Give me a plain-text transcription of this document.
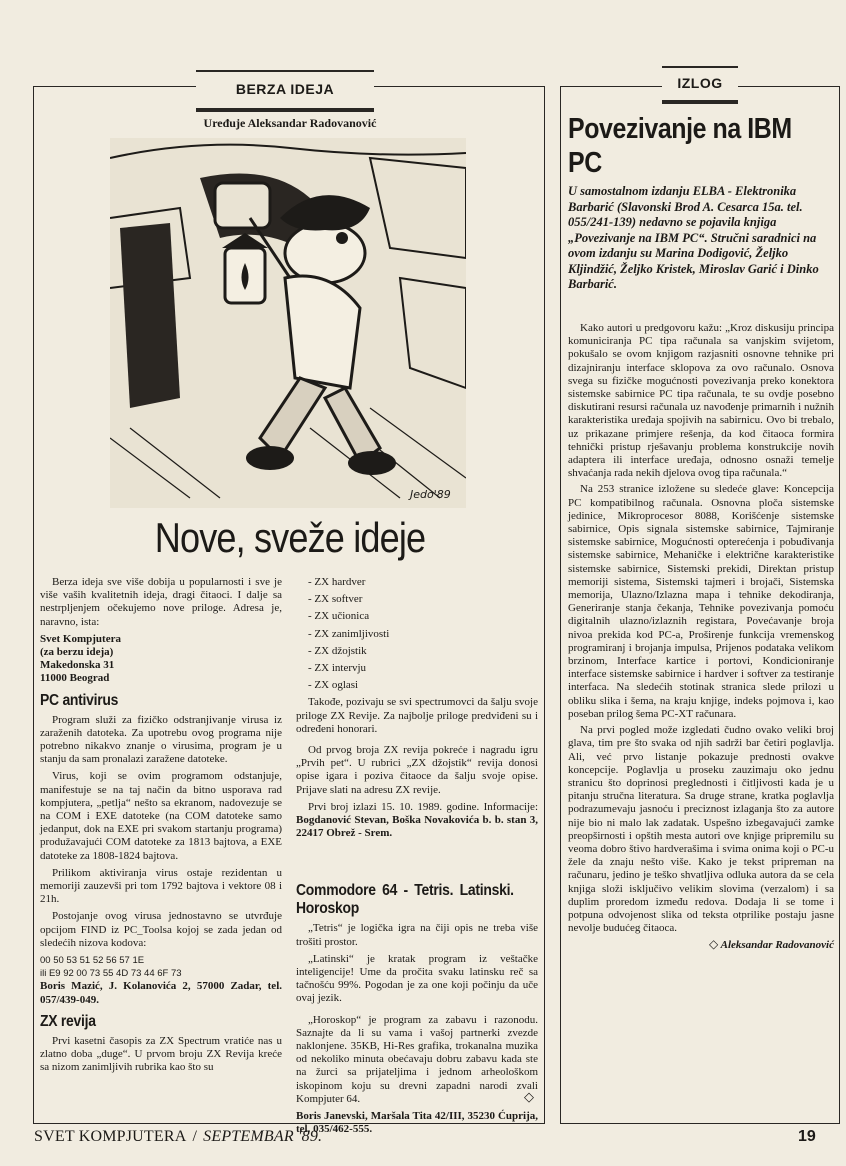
BERZA IDEJA	IZLOG
Uređuje Aleksandar Radovanović
Jedo'89
Nove, sveže ideje

Berza ideja sve više dobija u popularnosti i sve je više vaših kvalitetnih ideja, dragi čitaoci. I dalje sa nestrpljenjem očekujemo nove priloge. Adresa je, naravno, ista:

Svet Kompjutera

(za berzu ideja)

Makedonska 31

11000 Beograd

PC antivirus

Program služi za fizičko odstranjivanje virusa iz zaraženih datoteka. Za upotrebu ovog programa nije potrebno nikakvo znanje o virusima, program je u stanju da sam pronalazi zaražene datoteke.

Virus, koji se ovim programom odstanjuje, manifestuje se na taj način da bitno usporava rad kompjutera, „petlja“ nešto sa ekranom, nadovezuje se na COM i EXE datoteke (na COM datoteke samo jedanput, dok na EXE pri svakom startanju programa) produžavajući COM datoteke za 1813 bajtova, a EXE datoteke za 1808-1824 bajtova.

Prilikom aktiviranja virus ostaje rezidentan u memoriji zauzevši pri tom 1792 bajtova i vektore 08 i 21h.

Postojanje ovog virusa jednostavno se utvrđuje opcijom FIND iz PC_Toolsa kojoj se zada jedan od sledećih nizova kodova:

00 50 53 51 52 56 57 1E

ili E9 92 00 73 55 4D 73 44 6F 73

Boris Mazić, J. Kolanovića 2, 57000 Zadar, tel. 057/439-049.

ZX revija

Prvi kasetni časopis za ZX Spectrum vratiće nas u zlatno doba „duge“. U prvom broju ZX Revija kreće sa nizom zanimljivih rubrika kao što su

- ZX hardver

- ZX softver

- ZX učionica

- ZX zanimljivosti

- ZX džojstik

- ZX intervju

- ZX oglasi

Takođe, pozivaju se svi spectrumovci da šalju svoje priloge ZX Revije. Za najbolje priloge predviđeni su i određeni honorari.

Od prvog broja ZX revija pokreće i nagradu igru „Prvih pet“. U rubrici „ZX džojstik“ revija donosi opise igara i poziva čitaoce da šalju svoje opise. Prijave slati na adresu ZX revije.

Prvi broj izlazi 15. 10. 1989. godine. Informacije: Bogdanović Stevan, Boška Novakovića b. b. stan 3, 22417 Obrež - Srem.

Commodore 64 - Tetris. Latinski. Horoskop

„Tetris“ je logička igra na čiji opis ne treba više trošiti prostor.

„Latinski“ je kratak program iz veštačke inteligencije! Ume da pročita svaku latinsku reč sa tačnošću 99%. Pogodan je za one koji počinju da uče ovaj jezik.

„Horoskop“ je program za zabavu i razonodu. Saznajte da li su vama i vašoj partnerki zvezde naklonjene. 35KB, Hi-Res grafika, trokanalna muzika od nekoliko minuta obećavaju dobru zabavu kada ste na žurci sa prijateljima i jednom arheološkom iskopinom koju su drevni zapadni narodi zvali Kompjuter 64.

Boris Janevski, Maršala Tita 42/III, 35230 Ćuprija, tel. 035/462-555.

◇
Povezivanje na IBM PC
U samostalnom izdanju ELBA - Elektronika Barbarić (Slavonski Brod A. Cesarca 15a. tel. 055/241-139) nedavno se pojavila knjiga „Povezivanje na IBM PC“. Stručni saradnici na ovom izdanju su Marina Dodigović, Željko Kljindžić, Željko Kristek, Miroslav Garić i Dinko Barbarić.

Kako autori u predgovoru kažu: „Kroz diskusiju principa komuniciranja PC tipa računala sa vanjskim svijetom, pokušalo se ovom knjigom razjasniti osnovne tehnike pri dizajniranju interface sklopova za ovo računalo. Osnova svega su fizičke mogućnosti povezivanja preko konektora sistemske sabirnice PC tipa računala, te su ovdje posebno diskutirani resursi računala uz navođenje primarnih i nužnih karakteristika uređaja spojivih na sabirnicu. Ovo bi trebalo, uz prikazane primjere rešenja, da kod čitaoca formira tehnički pristup rješavanju problema konstrukcije novih adaptera ili interface uređaja, odnosno osnaži temelje shvaćanja rada nekih djelova ovog tipa računala.“

Na 253 stranice izložene su sledeće glave: Koncepcija PC kompatibilnog računala. Osnovna ploča sistemske jedinice, Mikroprocesor 8088, Korišćenje sistemske sabirnice, Opis signala sistemske sabirnice, Tajmiranje sistemske sabirnice, Mogućnosti opterećenja i pobuđivanja sistemske sabirnice, Mehaničke i električne karakteristike sistemske sabirnice, Sistemski prekidi, Direktan pristup memoriji sistema, Sistemski tajmeri i brojači, Sistemska memorija, Ulazno/Izlazna mapa i tehnike dekodiranja, Generiranje stanja čekanja, Tehnike povezivanja pomoću digitalnih ulazno/izlaznih registara, Povećavanje broja nivoa prekida kod PC-a, Proširenje funkcija vremenskog programiranj i brojanja impulsa, Prijenos podataka velikom brzinom, Interface kartice i portovi, Kondicioniranje interface sistemske sabirnice i hardver i softver za testiranje interfaca. Na sledećih stotinak stranica slede prilozi u obliku slika i šema, na kraju knjige, indeks pojmova i, kao poseban prilog šema PC-XT računara.

Na prvi pogled može izgledati čudno ovako veliki broj glava, tim pre što svaka od njih sadrži bar četiri poglavlja. Ali, već prvo listanje pokazuje prednosti ovakve koncepcije. Poglavlja u proseku zauzimaju oko jednu stranicu što doprinosi preglednosti i čitljivosti kada je u pitanju stručna literatura. Sa druge strane, kratka poglavlja podrazumevaju jasnoću i preciznost izlaganja što za autore nije bio ni malo lak zadatak. Uspešno izbegavajući zamke preopširnosti i opštih mesta autori ove knjige pripremilu su veoma dobro štivo hardverašima i svima onima koji o PC-u žele da znaju nešto više. Kako je tekst pripreman na računaru, jedino je teško shvatljiva odluka autora da se cela knjiga složi isključivo velikim slovima (verzalom) i sa duplim proredom između redova. Dodaja li se tome i potpuna odvojenost slika od teksta otprilike postaju jasne nevolje budućeg čitaoca.

◇ Aleksandar Radovanović

SVET KOMPJUTERA / SEPTEMBAR '89.	19
